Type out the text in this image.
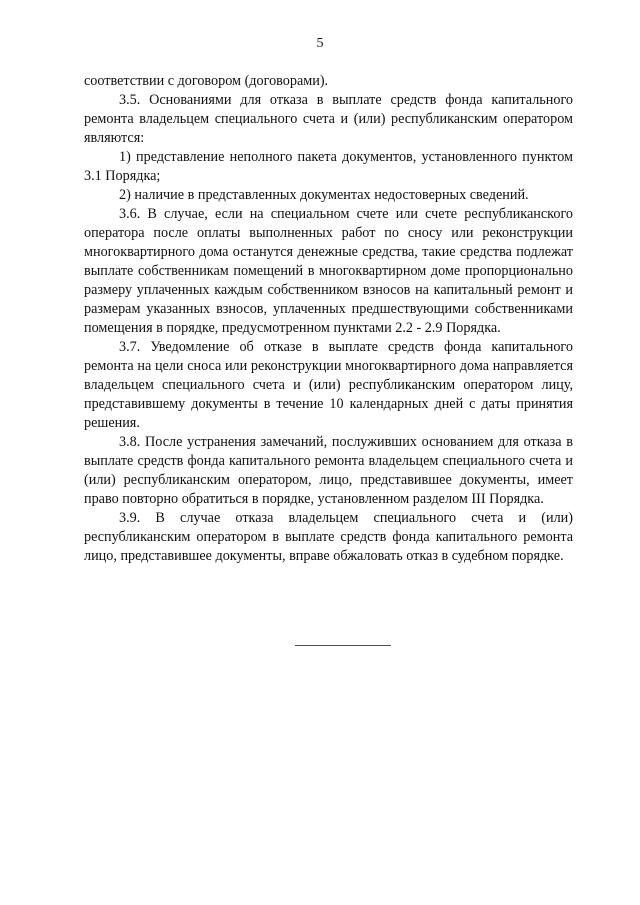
5

соответствии с договором (договорами).

3.5. Основаниями для отказа в выплате средств фонда капитального ремонта владельцем специального счета и (или) республиканским оператором являются:

1) представление неполного пакета документов, установленного пунктом 3.1 Порядка;

2) наличие в представленных документах недостоверных сведений.

3.6. В случае, если на специальном счете или счете республиканского оператора после оплаты выполненных работ по сносу или реконструкции многоквартирного дома останутся денежные средства, такие средства подлежат выплате собственникам помещений в многоквартирном доме пропорционально размеру уплаченных каждым собственником взносов на капитальный ремонт и размерам указанных взносов, уплаченных предшествующими собственниками помещения в порядке, предусмотренном пунктами 2.2 - 2.9 Порядка.

3.7. Уведомление об отказе в выплате средств фонда капитального ремонта на цели сноса или реконструкции многоквартирного дома направляется владельцем специального счета и (или) республиканским оператором лицу, представившему документы в течение 10 календарных дней с даты принятия решения.

3.8. После устранения замечаний, послуживших основанием для отказа в выплате средств фонда капитального ремонта владельцем специального счета и (или) республиканским оператором, лицо, представившее документы, имеет право повторно обратиться в порядке, установленном разделом III Порядка.

3.9. В случае отказа владельцем специального счета и (или) республиканским оператором в выплате средств фонда капитального ремонта лицо, представившее документы, вправе обжаловать отказ в судебном порядке.
